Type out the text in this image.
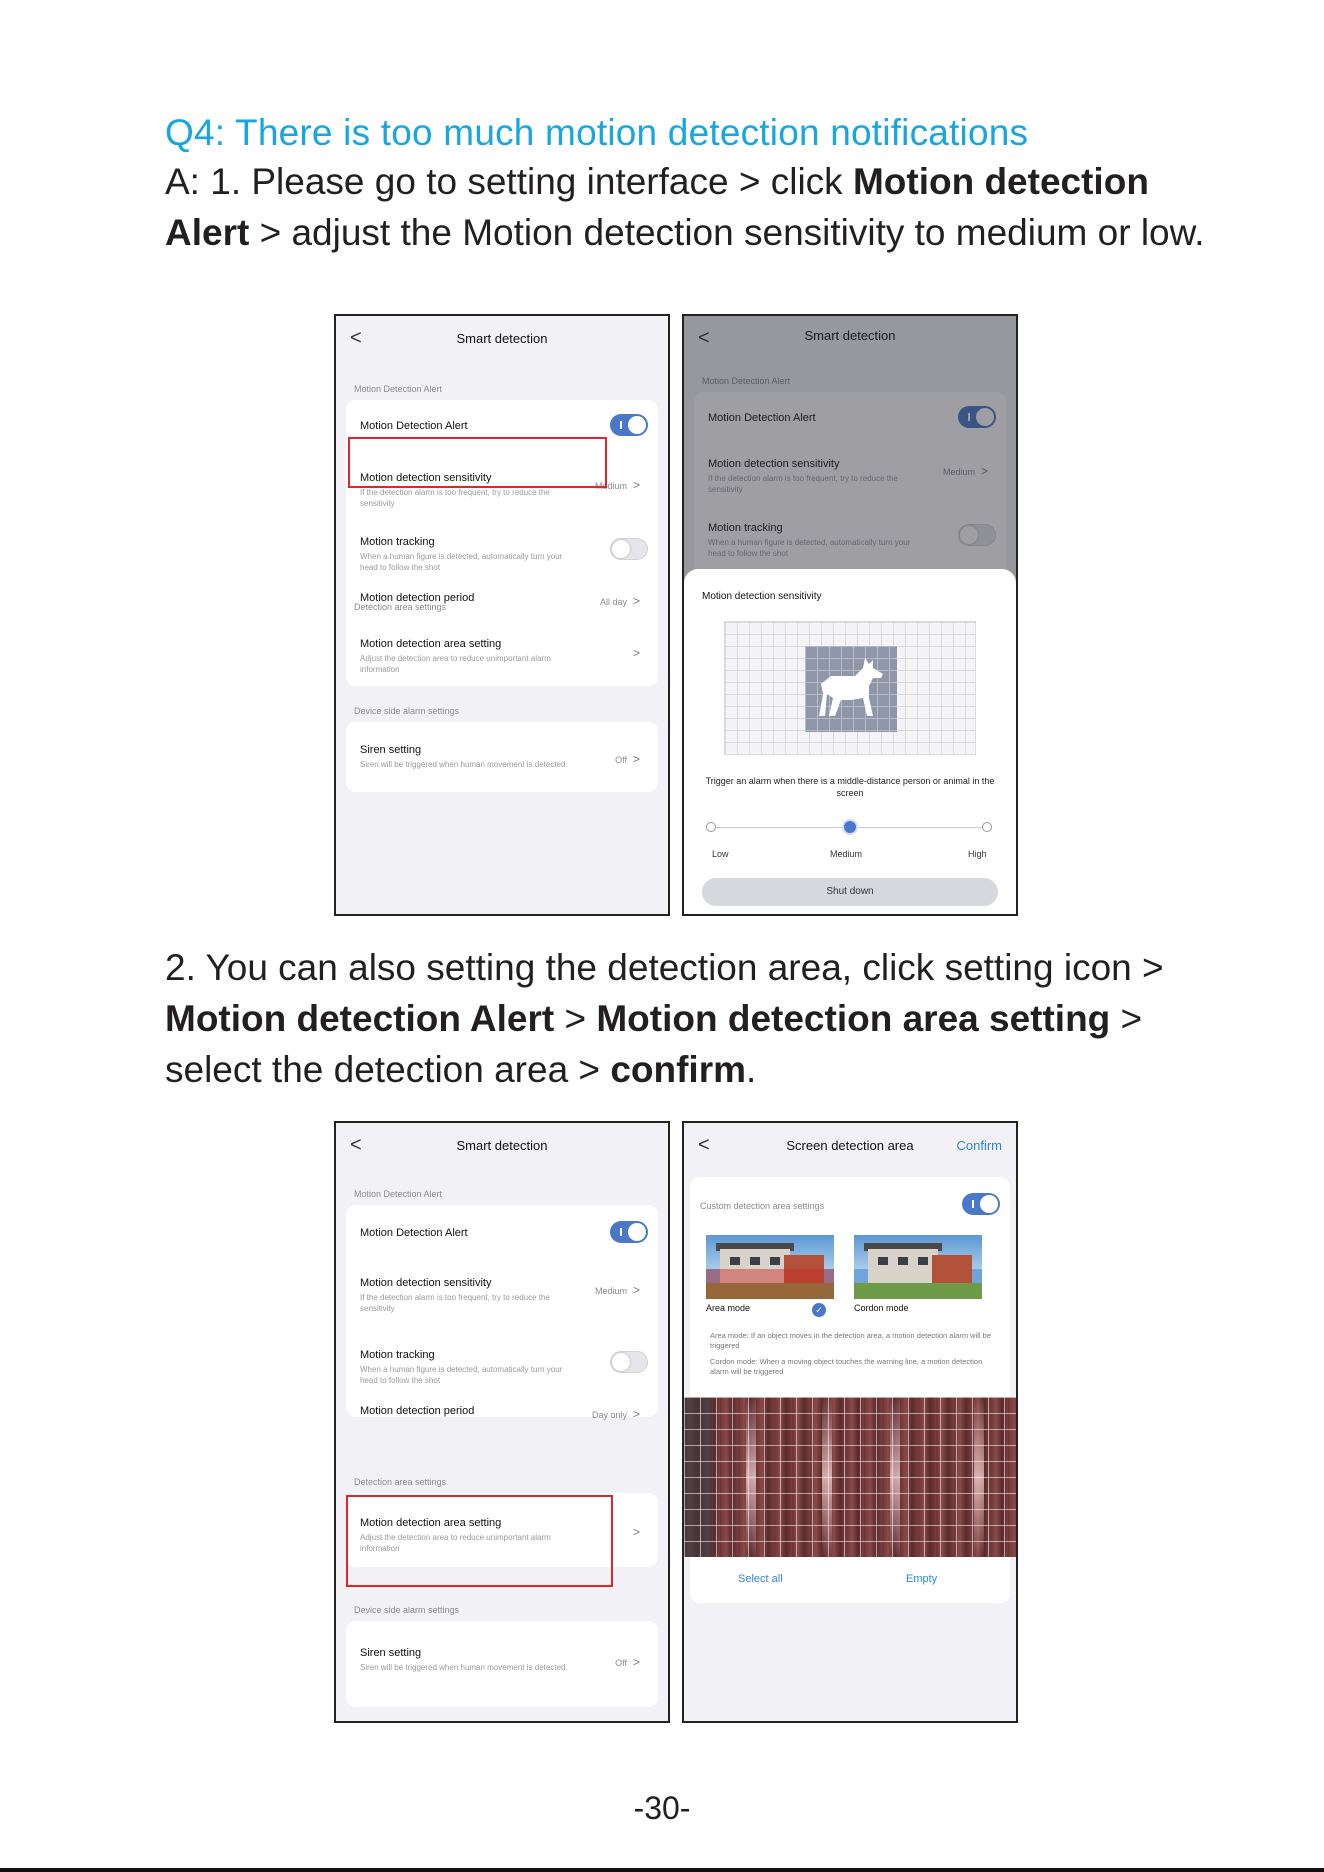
Q4: There is too much motion detection notifications
A: 1. Please go to setting interface > click Motion detection Alert > adjust the Motion detection sensitivity to medium or low.
<	Smart detection
Motion Detection Alert
Motion Detection Alert
Motion detection sensitivity
If the detection alarm is too frequent, try to reduce the sensitivity
Medium >
Motion tracking
When a human figure is detected, automatically turn your head to follow the shot
Motion detection period	All day >
Detection area settings
Motion detection area setting
Adjust the detection area to reduce unimportant alarm information
>
Device side alarm settings
Siren setting
Siren will be triggered when human movement is detected.	Off >
<	Smart detection
Motion Detection Alert
Motion Detection Alert
Motion detection sensitivity
If the detection alarm is too frequent, try to reduce the sensitivity
Medium >
Motion tracking
When a human figure is detected, automatically turn your head to follow the shot
Motion detection sensitivity
Trigger an alarm when there is a middle-distance person or animal in the screen
Low	Medium	High
Shut down
2. You can also setting the detection area, click setting icon > Motion detection Alert > Motion detection area setting > select the detection area > confirm.
<	Smart detection
Motion Detection Alert
Motion Detection Alert
Motion detection sensitivity
If the detection alarm is too frequent, try to reduce the sensitivity
Medium >
Motion tracking
When a human figure is detected, automatically turn your head to follow the shot
Motion detection period	Day only >
Detection area settings
Motion detection area setting
Adjust the detection area to reduce unimportant alarm information
>
Device side alarm settings
Siren setting
Siren will be triggered when human movement is detected.	Off >
<	Screen detection area	Confirm
Custom detection area settings
Area mode	✓	Cordon mode
Area mode: If an object moves in the detection area, a motion detection alarm will be triggered
Cordon mode: When a moving object touches the warning line, a motion detection alarm will be triggered
Select all	Empty
-30-
